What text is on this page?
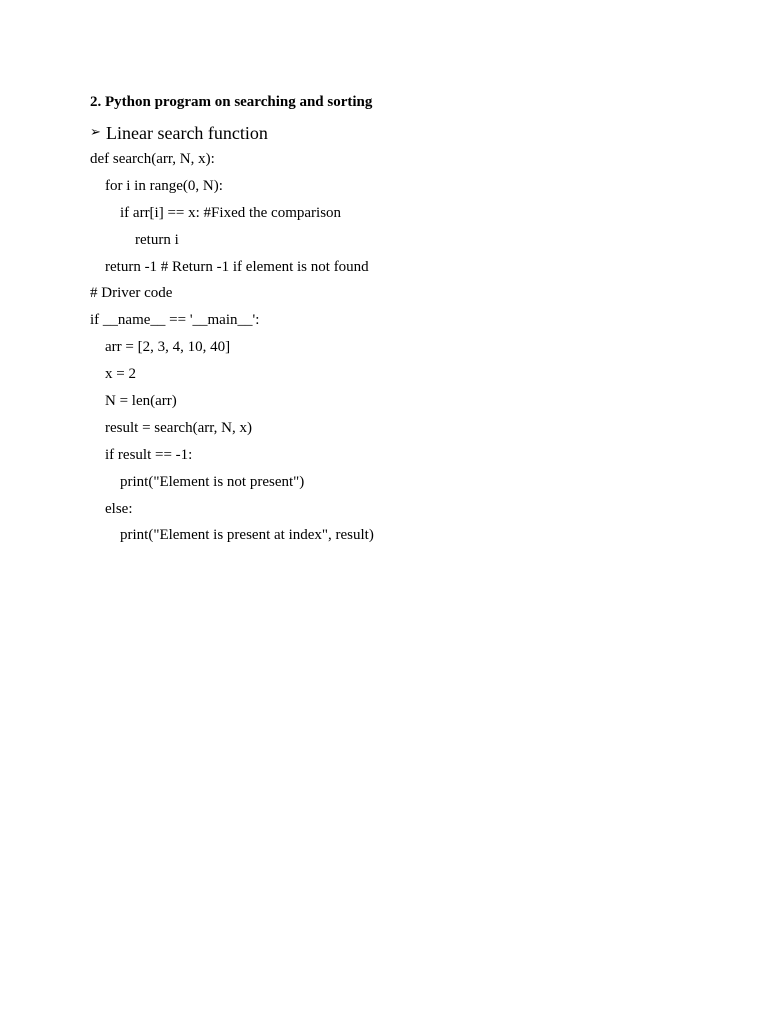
2. Python program on searching and sorting
➢ Linear search function
def search(arr, N, x):
for i in range(0, N):
if arr[i] == x: #Fixed the comparison
return i
return -1 # Return -1 if element is not found
# Driver code
if __name__ == '__main__':
arr = [2, 3, 4, 10, 40]
x = 2
N = len(arr)
result = search(arr, N, x)
if result == -1:
print("Element is not present")
else:
print("Element is present at index", result)
